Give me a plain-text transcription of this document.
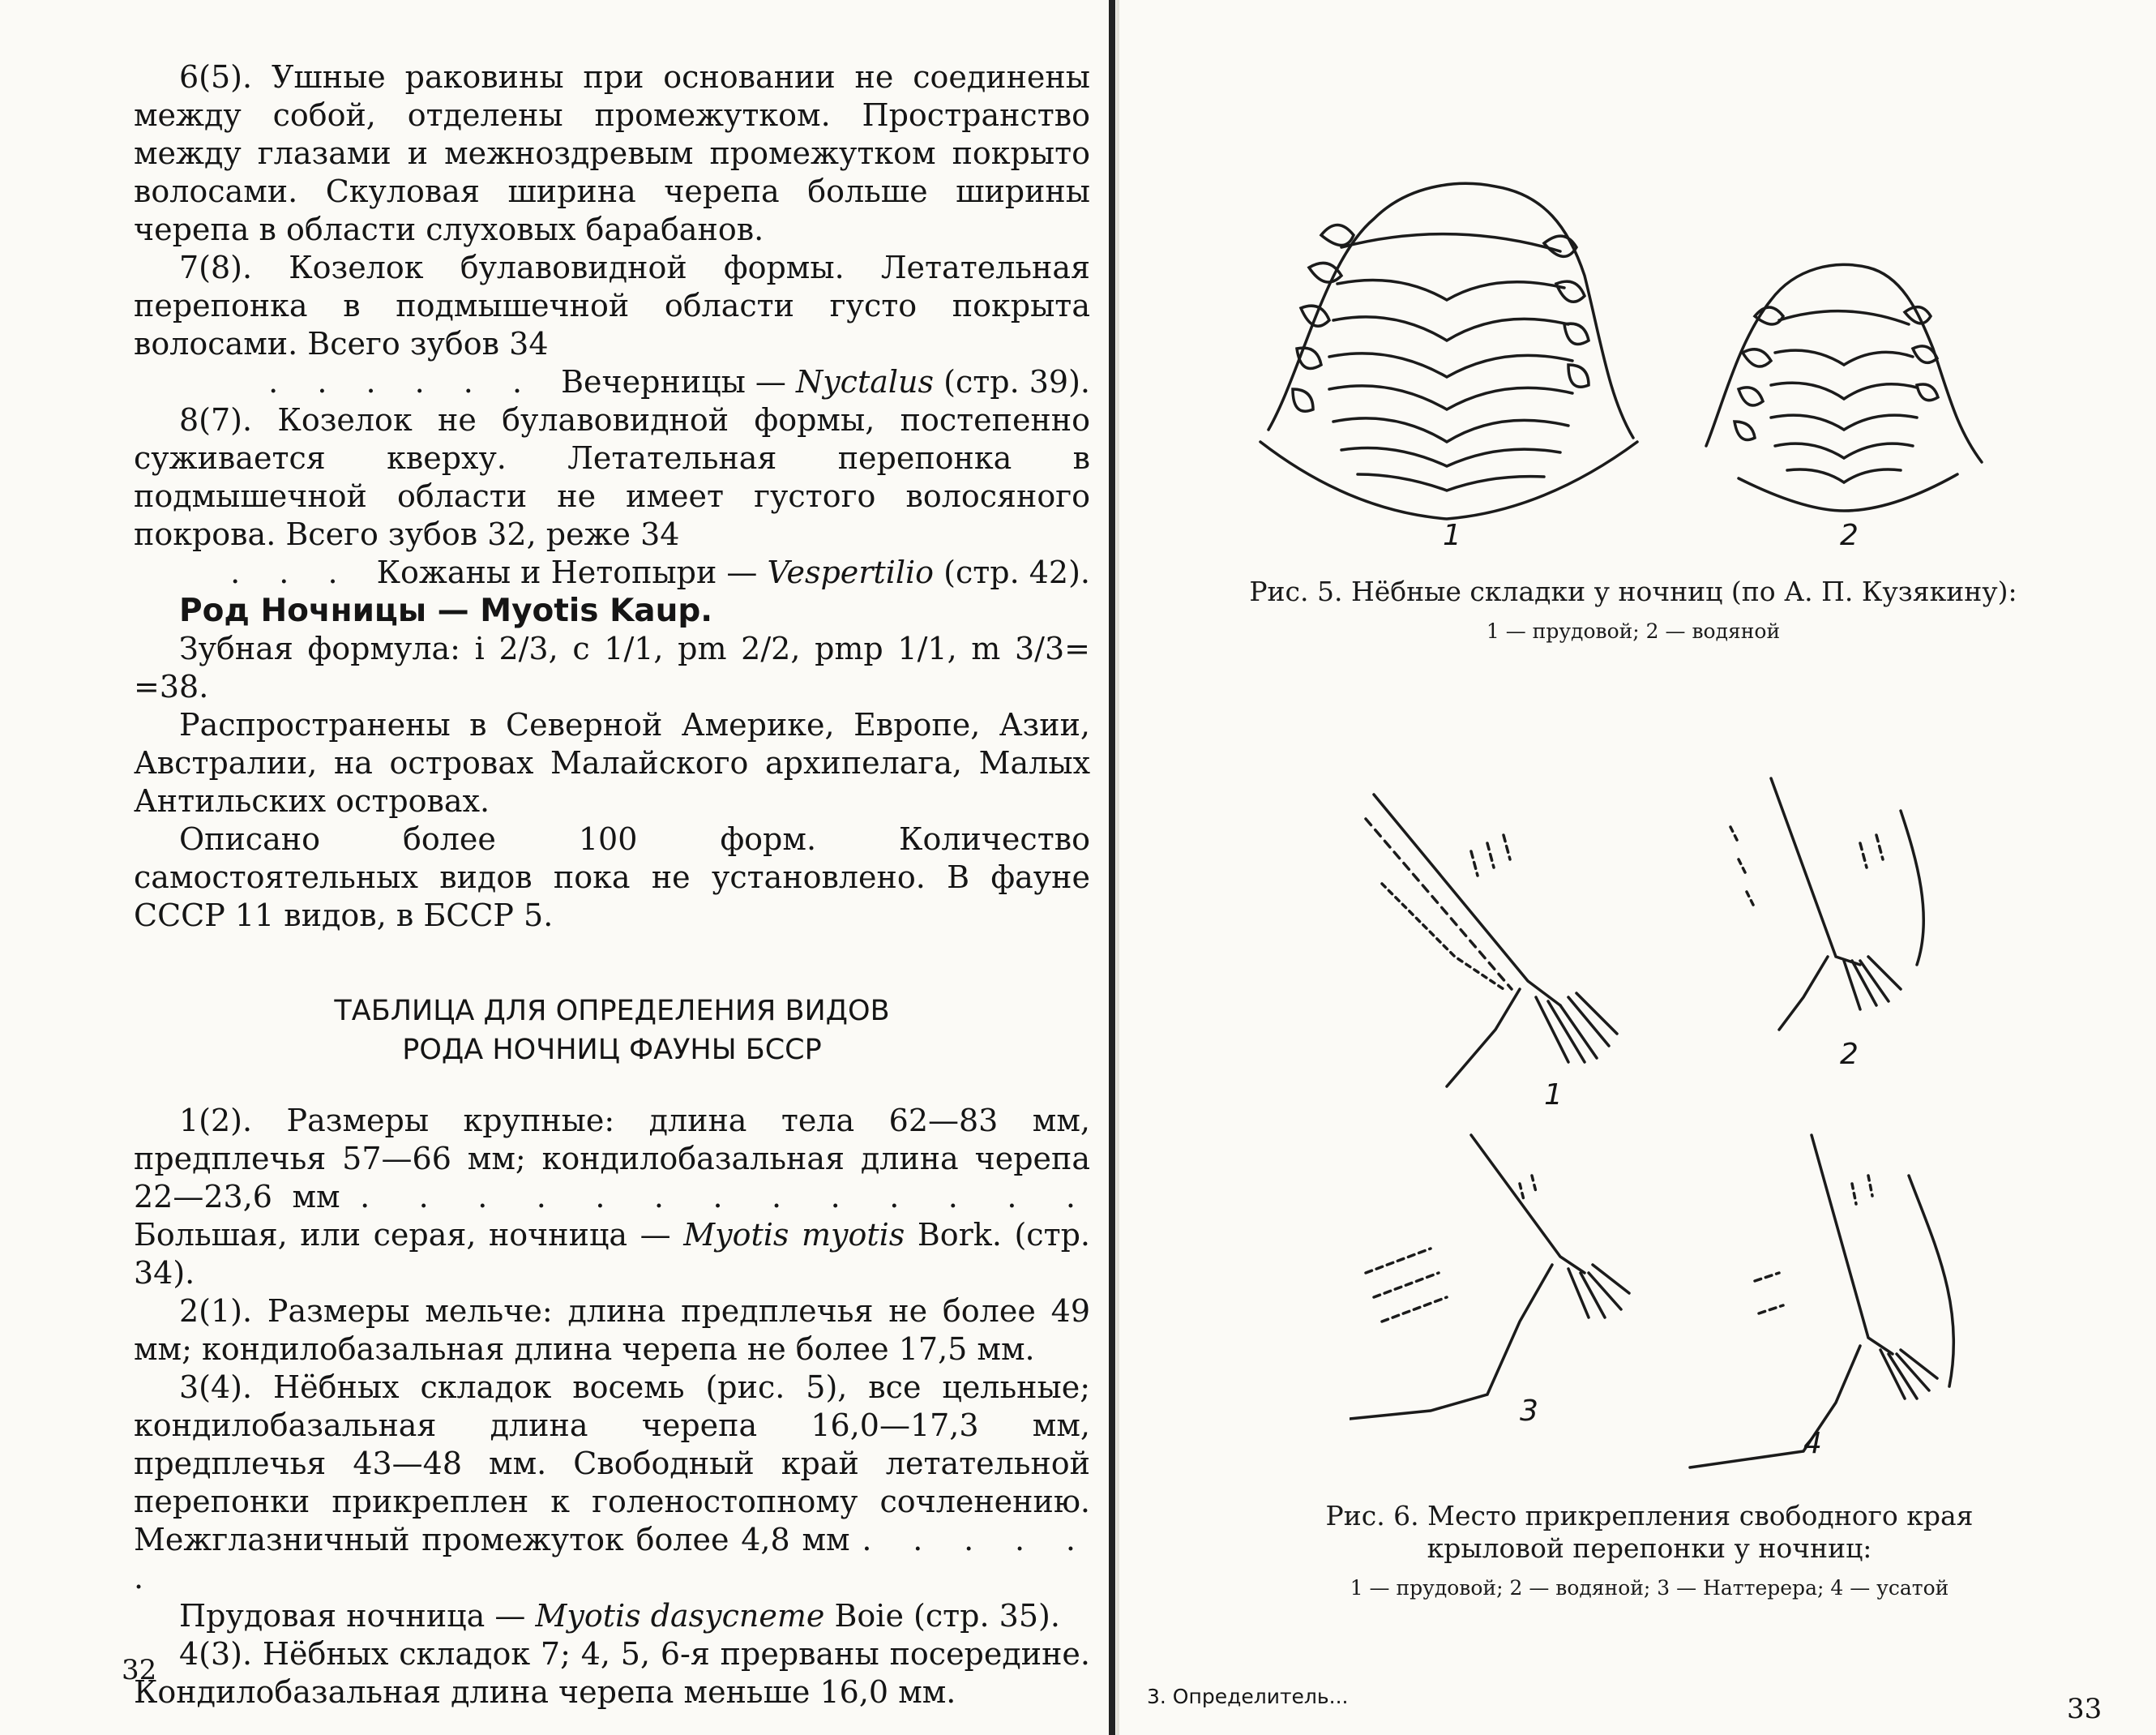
6(5). Ушные раковины при основании не соединены между собой, отделены промежутком. Пространство между глазами и межноздревым промежутком покрыто волосами. Скуловая ширина черепа больше ширины черепа в области слуховых барабанов.

7(8). Козелок булавовидной формы. Летательная перепонка в подмышечной области густо покрыта волосами. Всего зубов 34

. . . . . . Вечерницы — Nyctalus (стр. 39).

8(7). Козелок не булавовидной формы, постепенно суживается кверху. Летательная перепонка в подмышечной области не имеет густого волосяного покрова. Всего зубов 32, реже 34

. . . Кожаны и Нетопыри — Vespertilio (стр. 42).

Род Ночницы — Myotis Kaup.

Зубная формула: i 2/3, c 1/1, pm 2/2, pmp 1/1, m 3/3= =38.

Распространены в Северной Америке, Европе, Азии, Австралии, на островах Малайского архипелага, Малых Антильских островах.

Описано более 100 форм. Количество самостоятельных видов пока не установлено. В фауне СССР 11 видов, в БССР 5.

ТАБЛИЦА ДЛЯ ОПРЕДЕЛЕНИЯ ВИДОВ
РОДА НОЧНИЦ ФАУНЫ БССР

1(2). Размеры крупные: длина тела 62—83 мм, предплечья 57—66 мм; кондилобазальная длина черепа 22—23,6 мм . . . . . . . . . . . . . Большая, или серая, ночница — Myotis myotis Bork. (стр. 34).

2(1). Размеры мельче: длина предплечья не более 49 мм; кондилобазальная длина черепа не более 17,5 мм.

3(4). Нёбных складок восемь (рис. 5), все цельные; кондилобазальная длина черепа 16,0—17,3 мм, предплечья 43—48 мм. Свободный край летательной перепонки прикреплен к голеностопному сочленению. Межглазничный промежуток более 4,8 мм . . . . . .

Прудовая ночница — Myotis dasycneme Boie (стр. 35).

4(3). Нёбных складок 7; 4, 5, 6-я прерваны посередине. Кондилобазальная длина черепа меньше 16,0 мм.

32
1	2
Рис. 5. Нёбные складки у ночниц (по А. П. Кузякину):
1 — прудовой; 2 — водяной
1
2
3
4
Рис. 6. Место прикрепления свободного края крыловой перепонки у ночниц:
1 — прудовой; 2 — водяной; 3 — Наттерера; 4 — усатой
3. Определитель...	33
